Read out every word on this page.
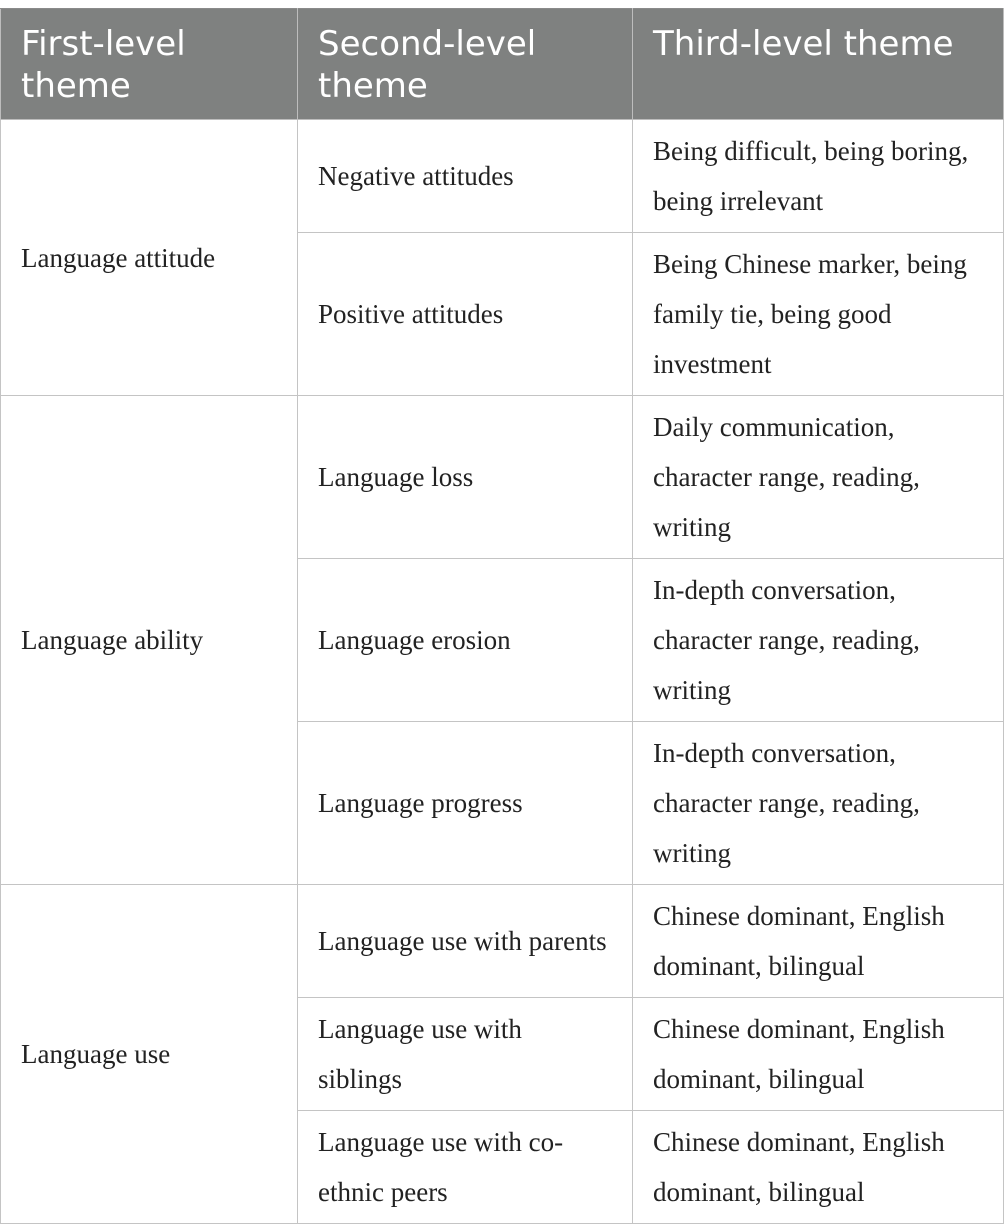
First-level theme	Second-level theme	Third-level theme
Language attitude	Negative attitudes	Being difficult, being boring, being irrelevant
	Positive attitudes	Being Chinese marker, being family tie, being good investment
Language ability	Language loss	Daily communication, character range, reading, writing
	Language erosion	In-depth conversation, character range, reading, writing
	Language progress	In-depth conversation, character range, reading, writing
Language use	Language use with parents	Chinese dominant, English dominant, bilingual
	Language use with siblings	Chinese dominant, English dominant, bilingual
	Language use with co-ethnic peers	Chinese dominant, English dominant, bilingual
